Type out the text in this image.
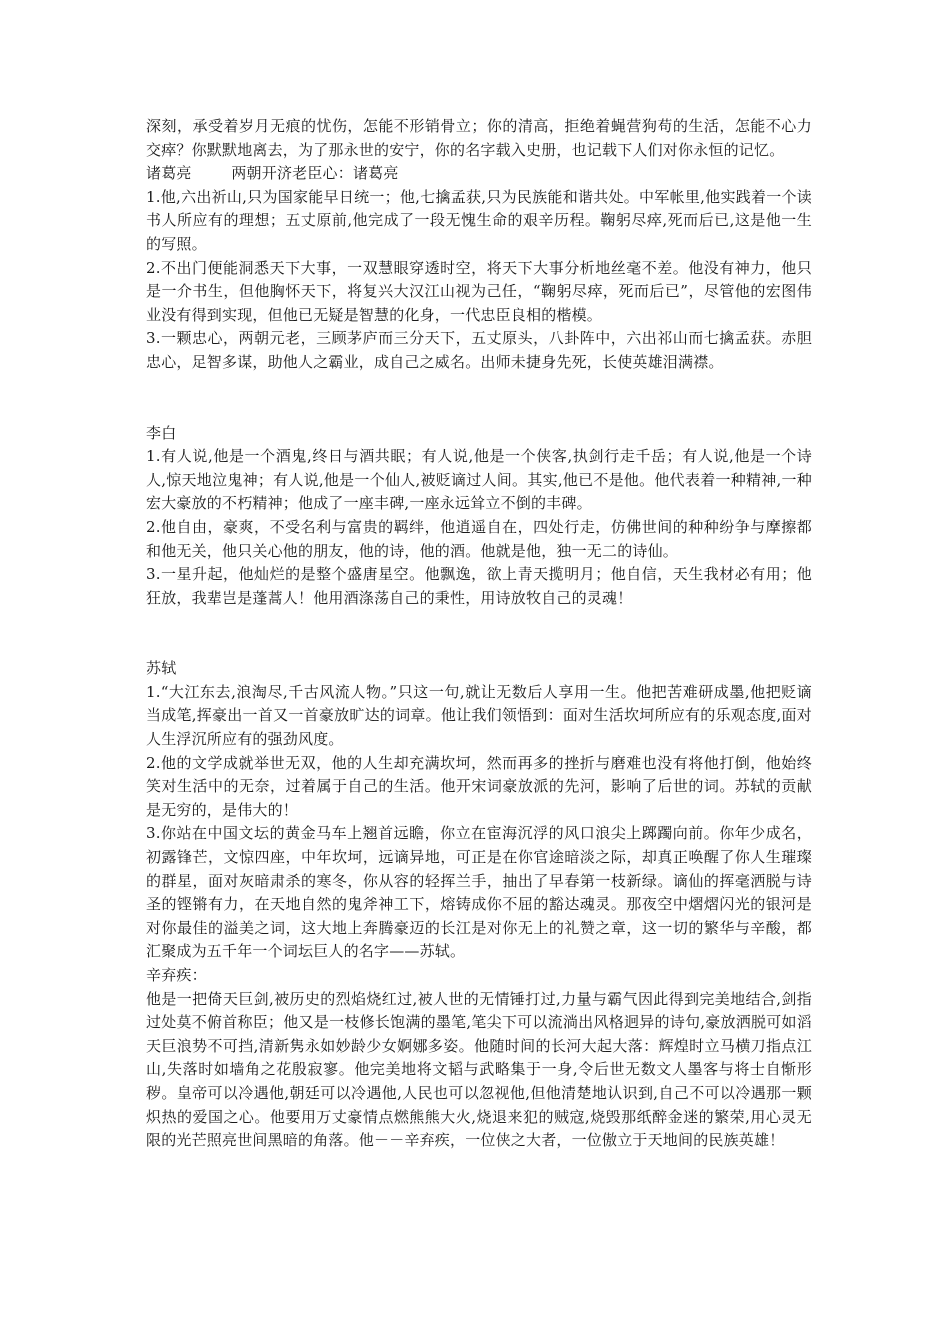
深刻，承受着岁月无痕的忧伤，怎能不形销骨立；你的清高，拒绝着蝇营狗苟的生活，怎能不心力交瘁？你默默地离去，为了那永世的安宁，你的名字载入史册，也记载下人们对你永恒的记忆。

诸葛亮        两朝开济老臣心：诸葛亮

1.他,六出祈山,只为国家能早日统一；他,七擒孟获,只为民族能和谐共处。中军帐里,他实践着一个读书人所应有的理想；五丈原前,他完成了一段无愧生命的艰辛历程。鞠躬尽瘁,死而后已,这是他一生的写照。

2.不出门便能洞悉天下大事，一双慧眼穿透时空，将天下大事分析地丝毫不差。他没有神力，他只是一介书生，但他胸怀天下，将复兴大汉江山视为己任，“鞠躬尽瘁，死而后已”，尽管他的宏图伟业没有得到实现，但他已无疑是智慧的化身，一代忠臣良相的楷模。

3.一颗忠心，两朝元老，三顾茅庐而三分天下，五丈原头，八卦阵中，六出祁山而七擒孟获。赤胆忠心，足智多谋，助他人之霸业，成自己之威名。出师未捷身先死，长使英雄泪满襟。

李白

1.有人说,他是一个酒鬼,终日与酒共眠；有人说,他是一个侠客,执剑行走千岳；有人说,他是一个诗人,惊天地泣鬼神；有人说,他是一个仙人,被贬谪过人间。其实,他已不是他。他代表着一种精神,一种宏大豪放的不朽精神；他成了一座丰碑,一座永远耸立不倒的丰碑。

2.他自由，豪爽，不受名利与富贵的羁绊，他逍遥自在，四处行走，仿佛世间的种种纷争与摩擦都和他无关，他只关心他的朋友，他的诗，他的酒。他就是他，独一无二的诗仙。

3.一星升起，他灿烂的是整个盛唐星空。他飘逸，欲上青天揽明月；他自信，天生我材必有用；他狂放，我辈岂是蓬蒿人！他用酒涤荡自己的秉性，用诗放牧自己的灵魂！

苏轼

1.“大江东去,浪淘尽,千古风流人物。”只这一句,就让无数后人享用一生。他把苦难研成墨,他把贬谪当成笔,挥豪出一首又一首豪放旷达的词章。他让我们领悟到：面对生活坎坷所应有的乐观态度,面对人生浮沉所应有的强劲风度。

2.他的文学成就举世无双，他的人生却充满坎坷，然而再多的挫折与磨难也没有将他打倒，他始终笑对生活中的无奈，过着属于自己的生活。他开宋词豪放派的先河，影响了后世的词。苏轼的贡献是无穷的，是伟大的！

3.你站在中国文坛的黄金马车上翘首远瞻，你立在宦海沉浮的风口浪尖上踯躅向前。你年少成名，初露锋芒，文惊四座，中年坎坷，远谪异地，可正是在你官途暗淡之际，却真正唤醒了你人生璀璨的群星，面对灰暗肃杀的寒冬，你从容的轻挥兰手，抽出了早春第一枝新绿。谪仙的挥毫洒脱与诗圣的铿锵有力，在天地自然的鬼斧神工下，熔铸成你不屈的豁达魂灵。那夜空中熠熠闪光的银河是对你最佳的溢美之词，这大地上奔腾豪迈的长江是对你无上的礼赞之章，这一切的繁华与辛酸，都汇聚成为五千年一个词坛巨人的名字——苏轼。

辛弃疾：

他是一把倚天巨剑,被历史的烈焰烧红过,被人世的无情锤打过,力量与霸气因此得到完美地结合,剑指过处莫不俯首称臣；他又是一枝修长饱满的墨笔,笔尖下可以流淌出风格迥异的诗句,豪放洒脱可如滔天巨浪势不可挡,清新隽永如妙龄少女婀娜多姿。他随时间的长河大起大落：辉煌时立马横刀指点江山,失落时如墙角之花殷寂寥。他完美地将文韬与武略集于一身,令后世无数文人墨客与将士自惭形秽。皇帝可以冷遇他,朝廷可以冷遇他,人民也可以忽视他,但他清楚地认识到,自己不可以冷遇那一颗炽热的爱国之心。他要用万丈豪情点燃熊熊大火,烧退来犯的贼寇,烧毁那纸醉金迷的繁荣,用心灵无限的光芒照亮世间黑暗的角落。他－－辛弃疾，一位侠之大者，一位傲立于天地间的民族英雄！
